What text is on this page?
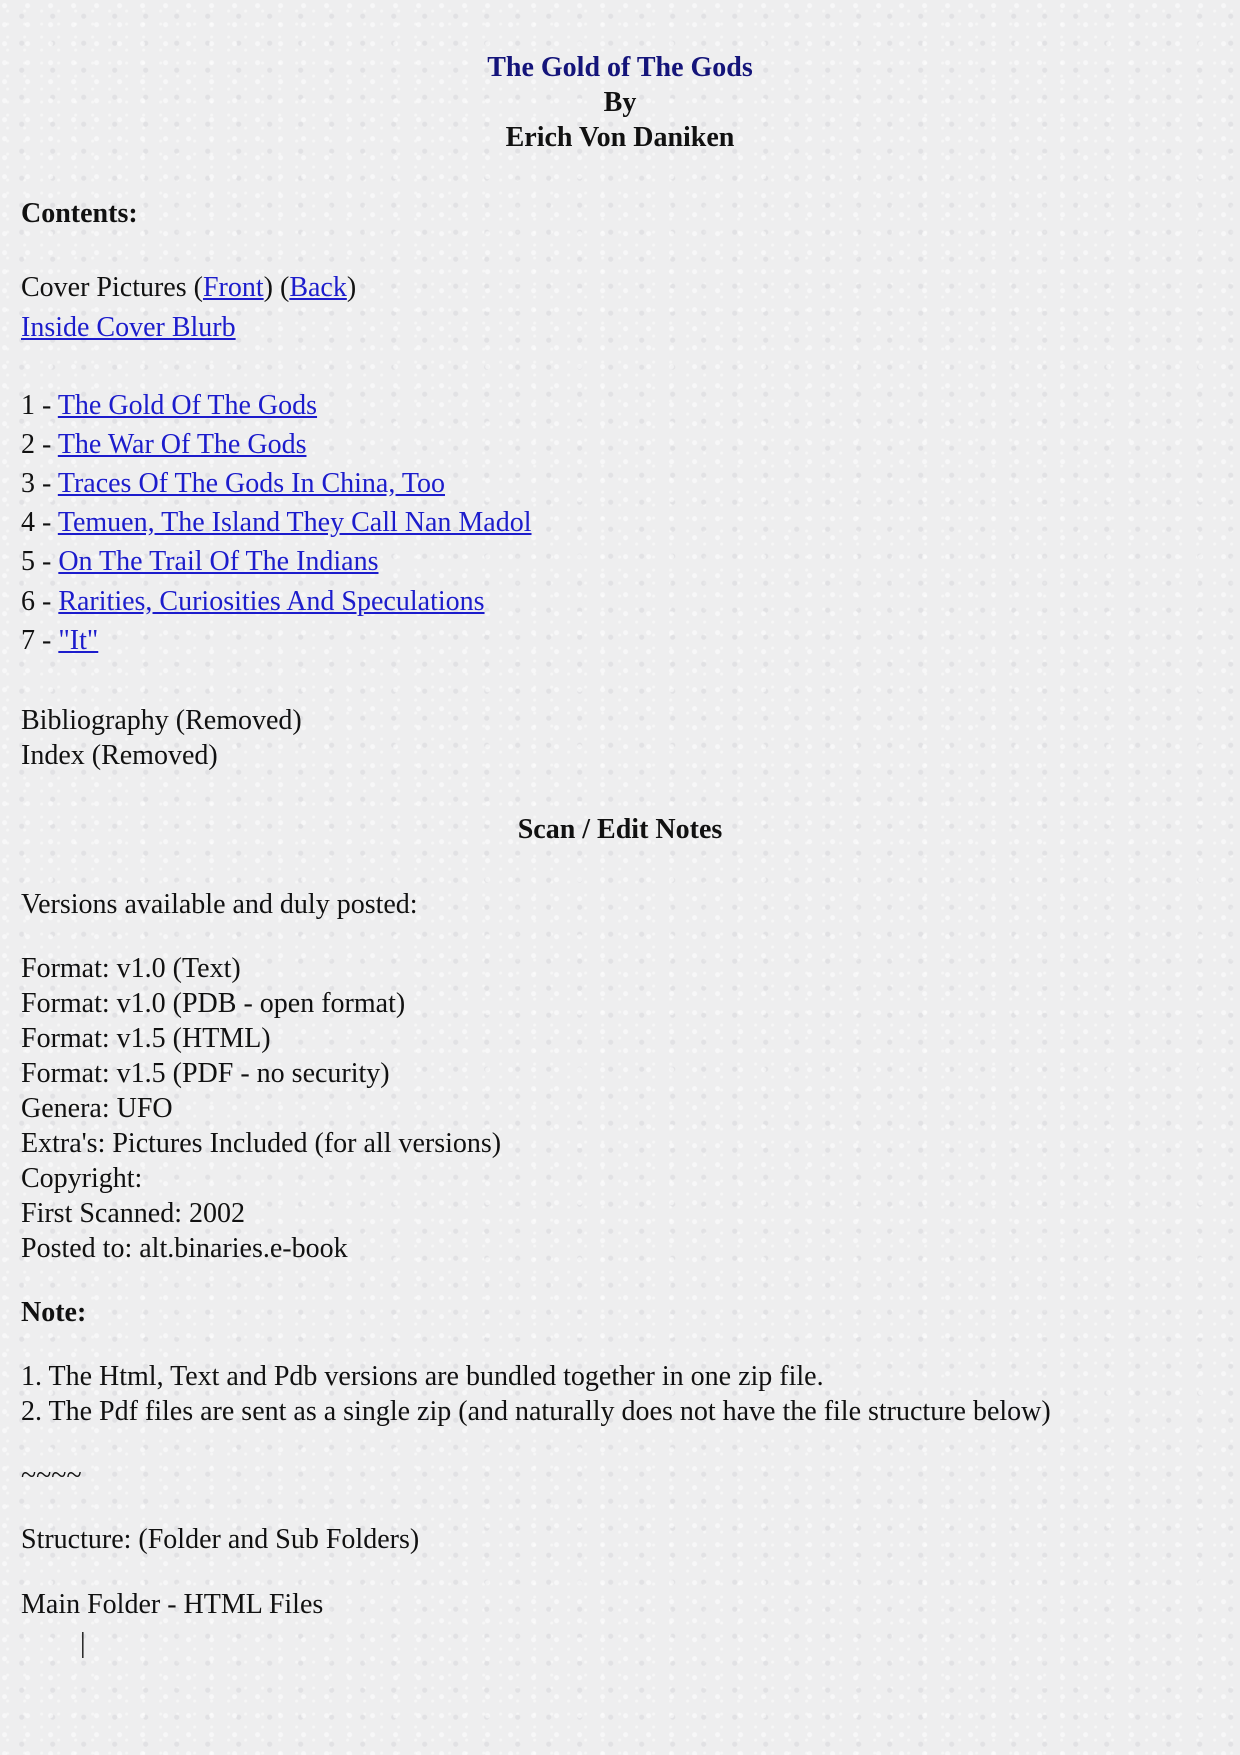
The Gold of The Gods
By
Erich Von Daniken
Contents:
Cover Pictures (Front) (Back)
Inside Cover Blurb
1 - The Gold Of The Gods
2 - The War Of The Gods
3 - Traces Of The Gods In China, Too
4 - Temuen, The Island They Call Nan Madol
5 - On The Trail Of The Indians
6 - Rarities, Curiosities And Speculations
7 - "It"
Bibliography (Removed)
Index (Removed)
Scan / Edit Notes
Versions available and duly posted:
Format: v1.0 (Text)
Format: v1.0 (PDB - open format)
Format: v1.5 (HTML)
Format: v1.5 (PDF - no security)
Genera: UFO
Extra's: Pictures Included (for all versions)
Copyright:
First Scanned: 2002
Posted to: alt.binaries.e-book
Note:
1. The Html, Text and Pdb versions are bundled together in one zip file.
2. The Pdf files are sent as a single zip (and naturally does not have the file structure below)
~~~~
Structure: (Folder and Sub Folders)
Main Folder - HTML Files
|
